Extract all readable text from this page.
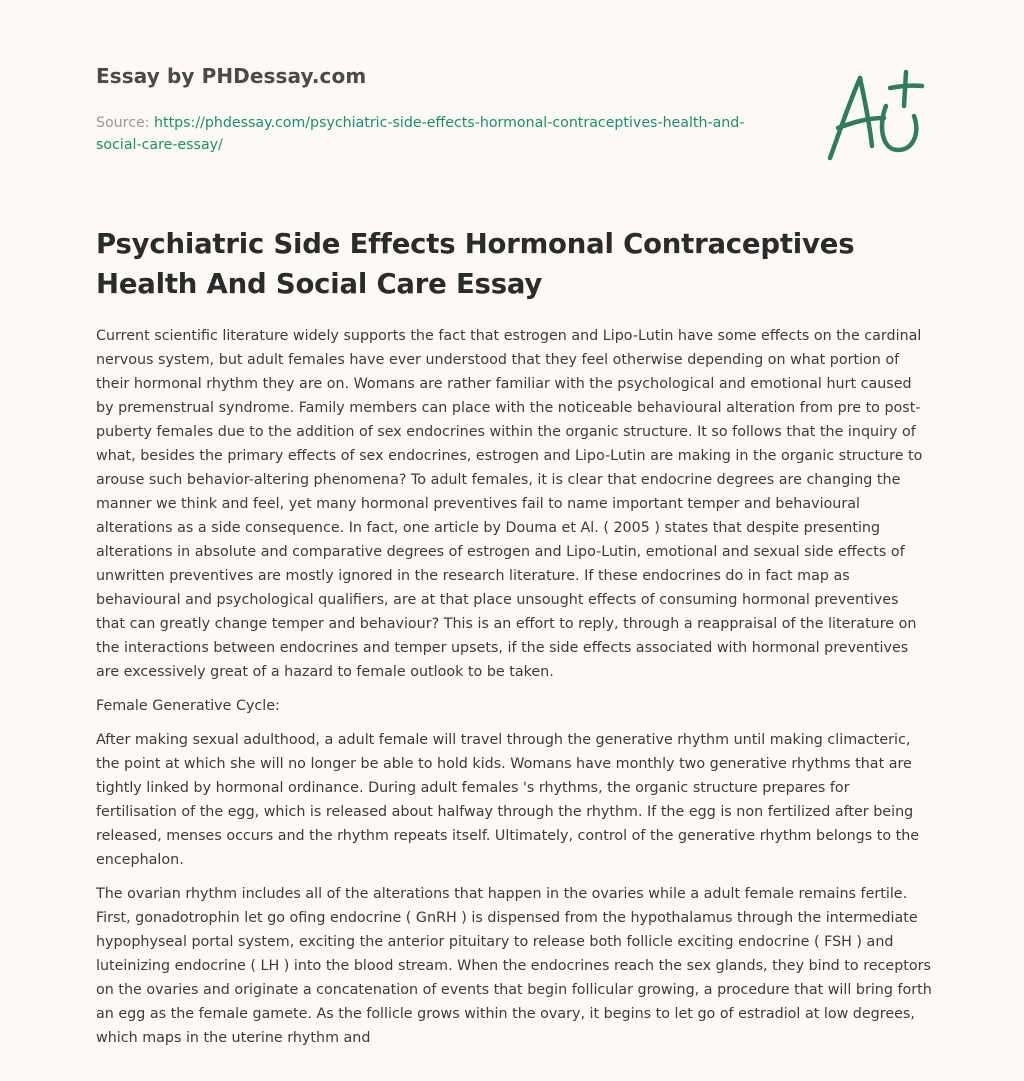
Essay by PHDessay.com
Source: https://phdessay.com/psychiatric-side-effects-hormonal-contraceptives-health-and-social-care-essay/
Psychiatric Side Effects Hormonal Contraceptives Health And Social Care Essay

Current scientific literature widely supports the fact that estrogen and Lipo-Lutin have some effects on the cardinal nervous system, but adult females have ever understood that they feel otherwise depending on what portion of their hormonal rhythm they are on. Womans are rather familiar with the psychological and emotional hurt caused by premenstrual syndrome. Family members can place with the noticeable behavioural alteration from pre to post-puberty females due to the addition of sex endocrines within the organic structure. It so follows that the inquiry of what, besides the primary effects of sex endocrines, estrogen and Lipo-Lutin are making in the organic structure to arouse such behavior-altering phenomena? To adult females, it is clear that endocrine degrees are changing the manner we think and feel, yet many hormonal preventives fail to name important temper and behavioural alterations as a side consequence. In fact, one article by Douma et Al. ( 2005 ) states that despite presenting alterations in absolute and comparative degrees of estrogen and Lipo-Lutin, emotional and sexual side effects of unwritten preventives are mostly ignored in the research literature. If these endocrines do in fact map as behavioural and psychological qualifiers, are at that place unsought effects of consuming hormonal preventives that can greatly change temper and behaviour? This is an effort to reply, through a reappraisal of the literature on the interactions between endocrines and temper upsets, if the side effects associated with hormonal preventives are excessively great of a hazard to female outlook to be taken.

Female Generative Cycle:

After making sexual adulthood, a adult female will travel through the generative rhythm until making climacteric, the point at which she will no longer be able to hold kids. Womans have monthly two generative rhythms that are tightly linked by hormonal ordinance. During adult females 's rhythms, the organic structure prepares for fertilisation of the egg, which is released about halfway through the rhythm. If the egg is non fertilized after being released, menses occurs and the rhythm repeats itself. Ultimately, control of the generative rhythm belongs to the encephalon.

The ovarian rhythm includes all of the alterations that happen in the ovaries while a adult female remains fertile. First, gonadotrophin let go ofing endocrine ( GnRH ) is dispensed from the hypothalamus through the intermediate hypophyseal portal system, exciting the anterior pituitary to release both follicle exciting endocrine ( FSH ) and luteinizing endocrine ( LH ) into the blood stream. When the endocrines reach the sex glands, they bind to receptors on the ovaries and originate a concatenation of events that begin follicular growing, a procedure that will bring forth an egg as the female gamete. As the follicle grows within the ovary, it begins to let go of estradiol at low degrees, which maps in the uterine rhythm and
